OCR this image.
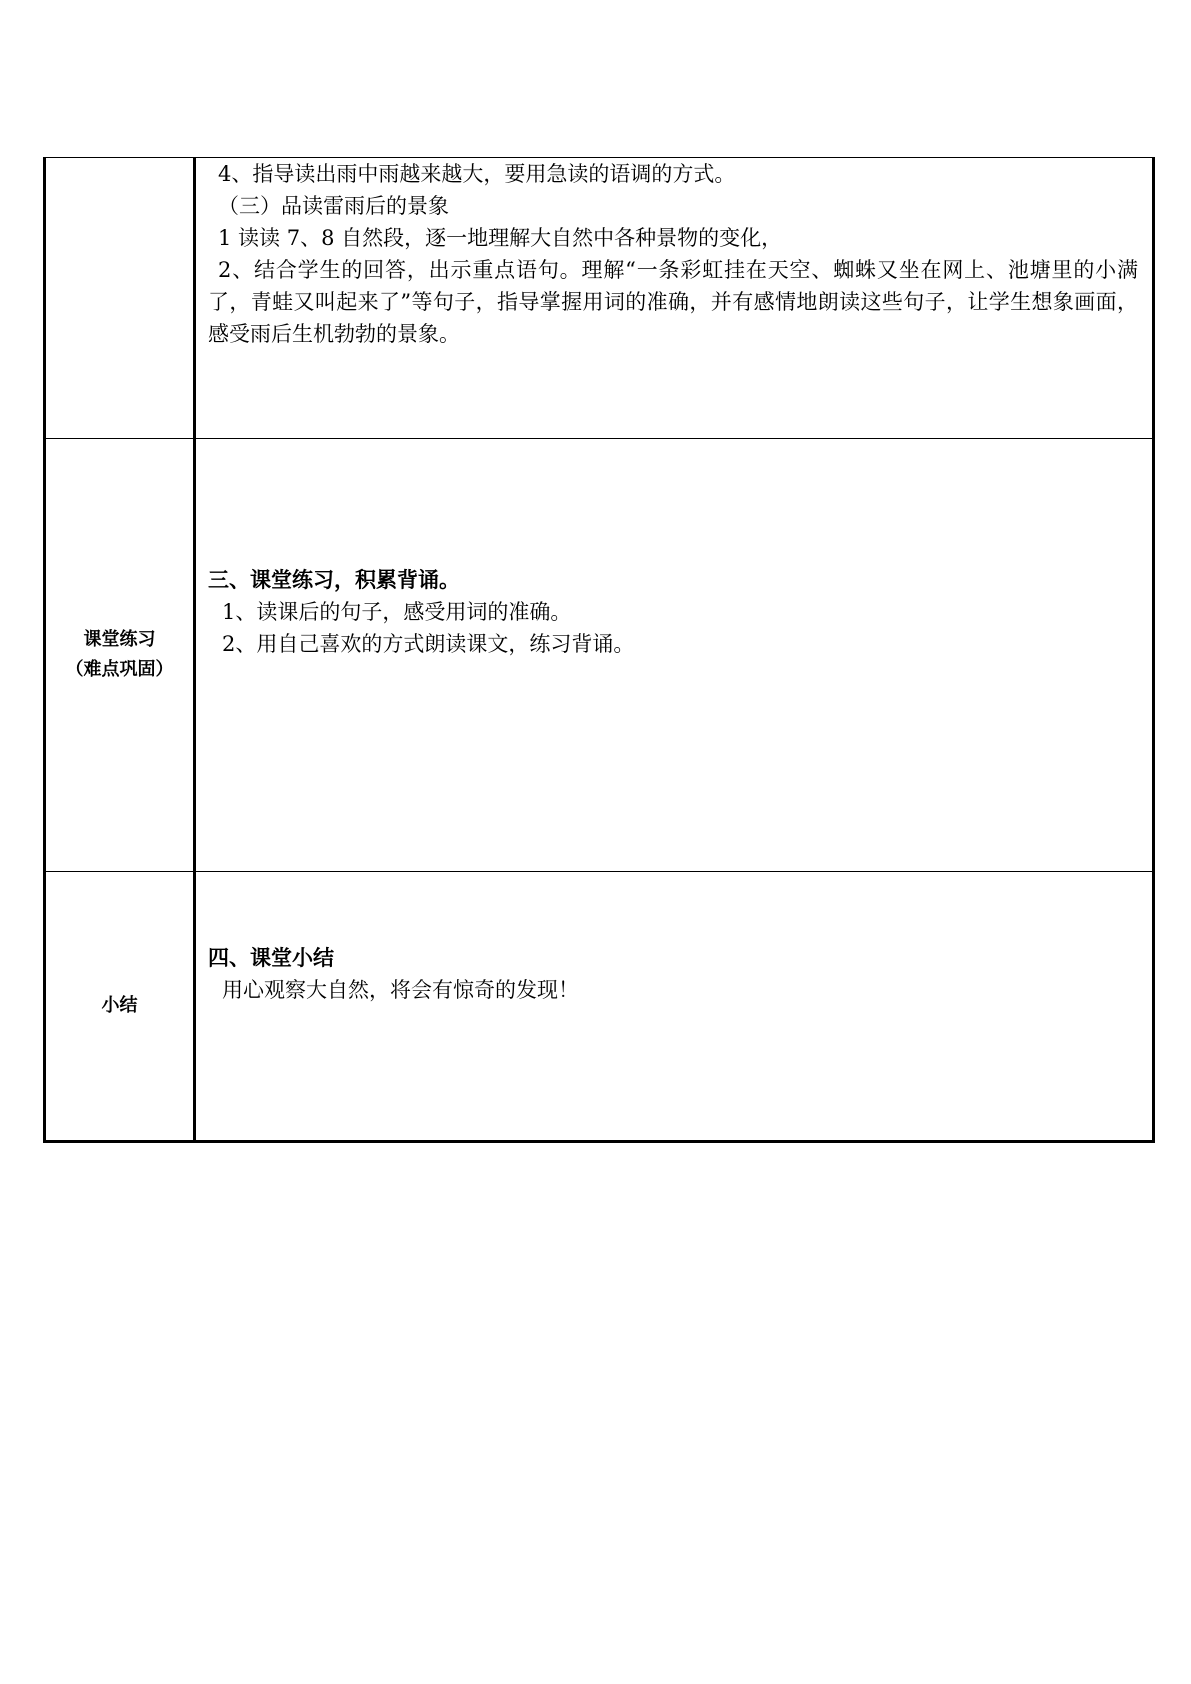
	4、指导读出雨中雨越来越大，要用急读的语调的方式。
（三）品读雷雨后的景象
1 读读 7、8 自然段，逐一地理解大自然中各种景物的变化，
2、结合学生的回答，出示重点语句。理解“一条彩虹挂在天空、蜘蛛又坐在网上、池塘里的小满了，青蛙又叫起来了”等句子，指导掌握用词的准确，并有感情地朗读这些句子，让学生想象画面，感受雨后生机勃勃的景象。

课堂练习
（难点巩固）	三、课堂练习，积累背诵。
1、读课后的句子，感受用词的准确。
2、用自己喜欢的方式朗读课文，练习背诵。

小结	四、课堂小结
用心观察大自然，将会有惊奇的发现！
